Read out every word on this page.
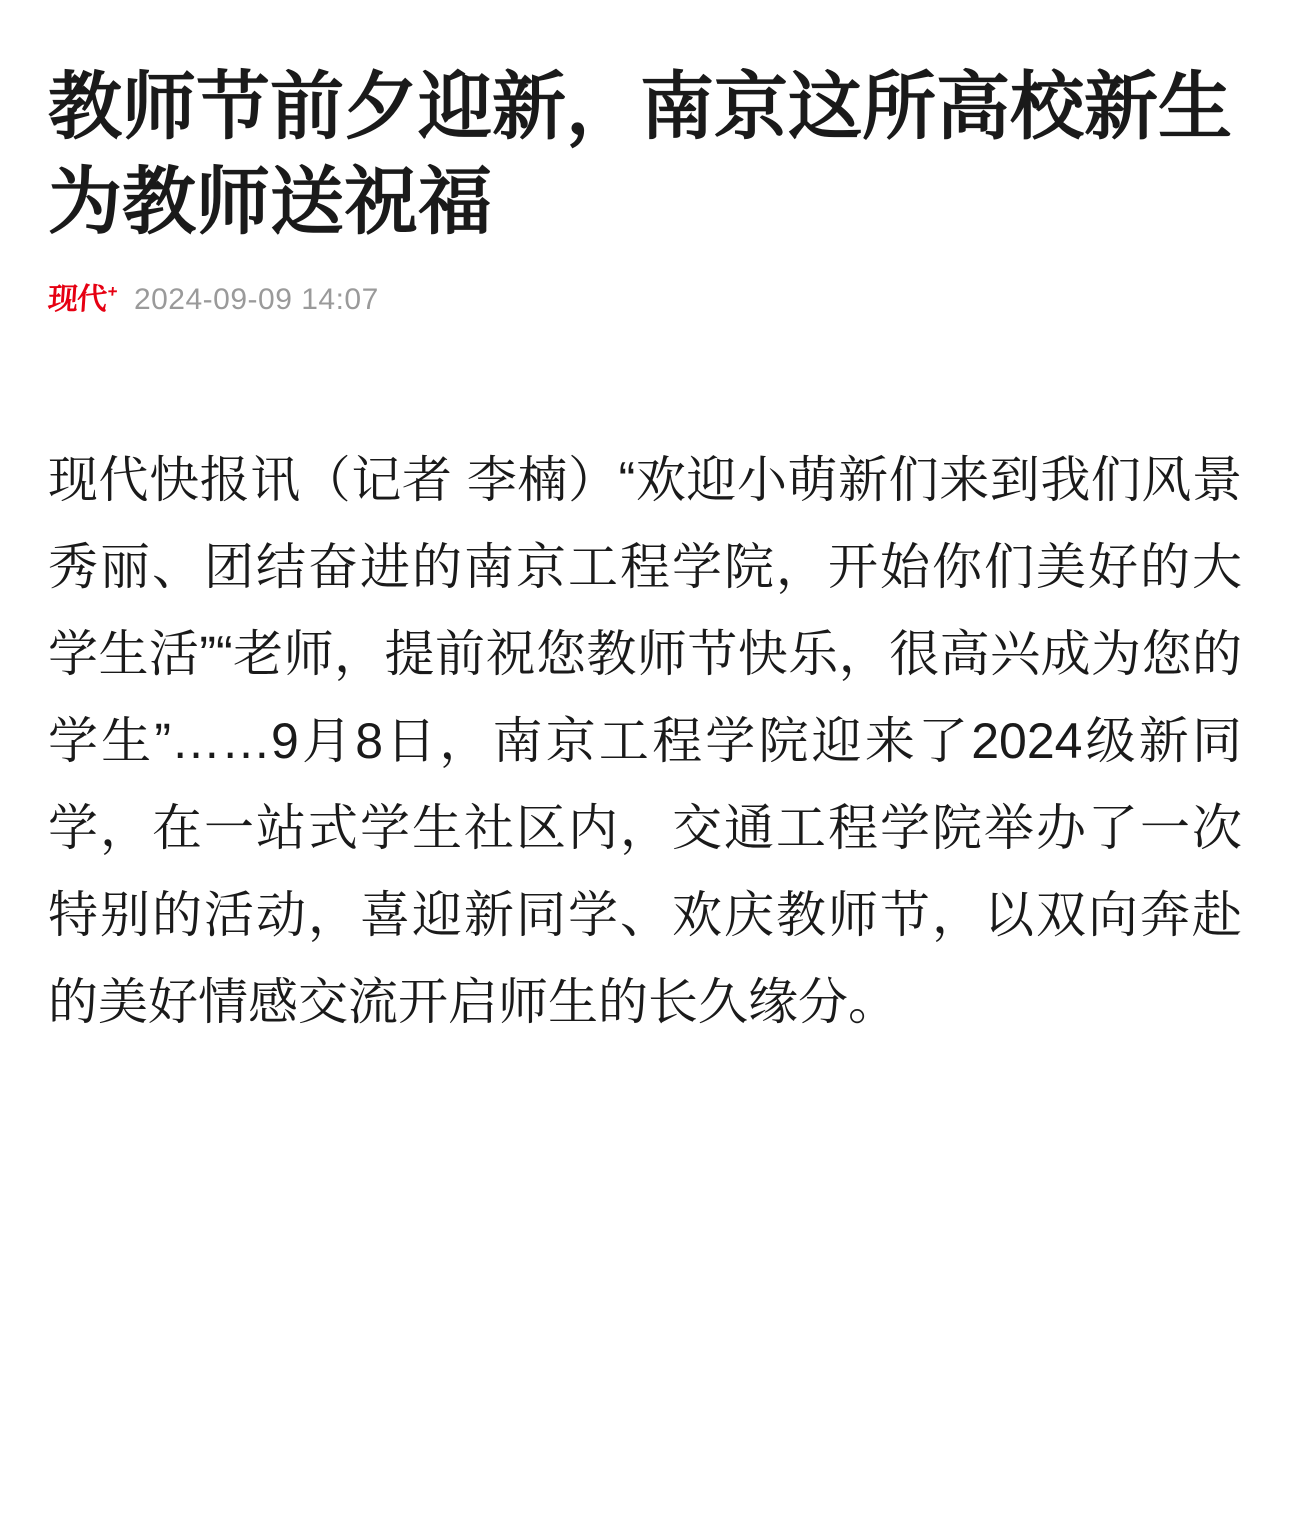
教师节前夕迎新，南京这所高校新生为教师送祝福
现代 + 2024-09-09 14:07

现代快报讯（记者 李楠）“欢迎小萌新们来到我们风景秀丽、团结奋进的南京工程学院，开始你们美好的大学生活”“老师，提前祝您教师节快乐，很高兴成为您的学生”……9月8日，南京工程学院迎来了2024级新同学，在一站式学生社区内，交通工程学院举办了一次特别的活动，喜迎新同学、欢庆教师节，以双向奔赴的美好情感交流开启师生的长久缘分。
